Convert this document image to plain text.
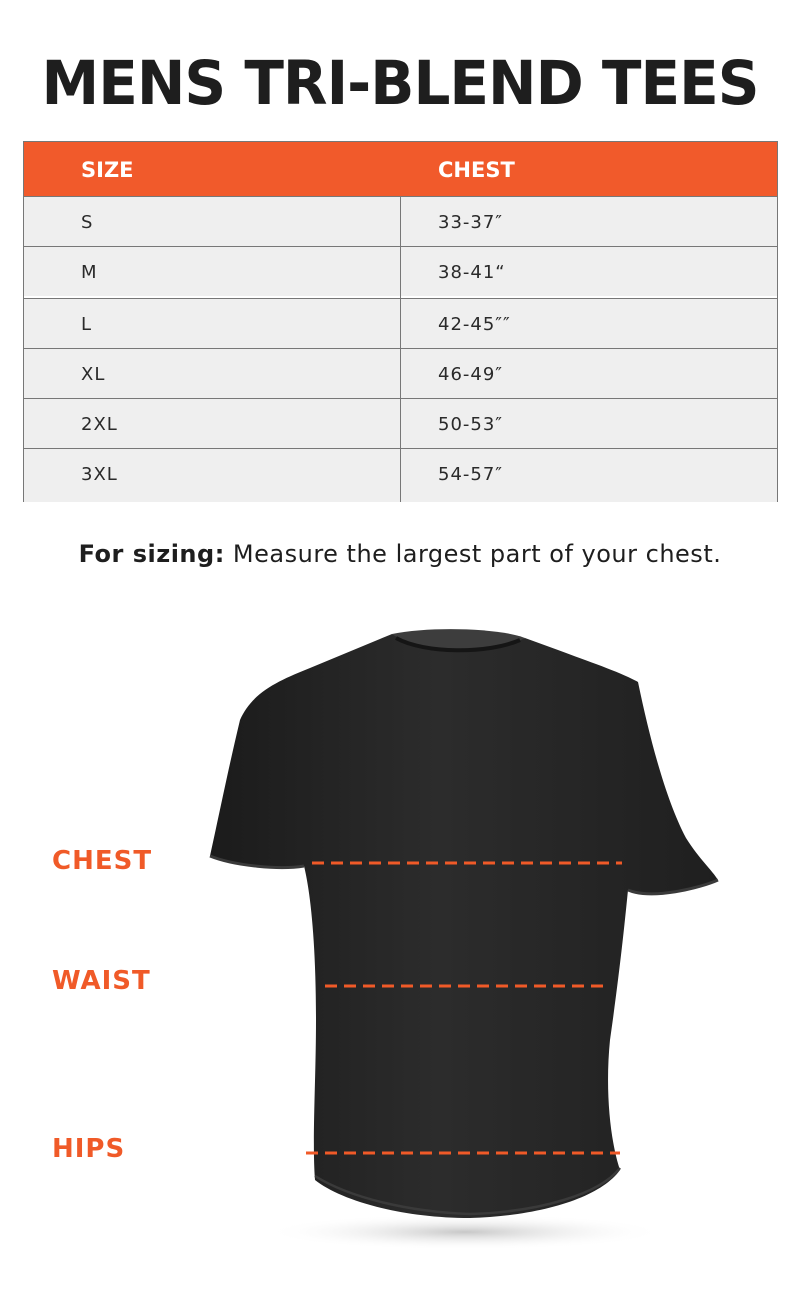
MENS TRI-BLEND TEES
SIZE	CHEST
S	33-37″
M	38-41“
L	42-45″″
XL	46-49″
2XL	50-53″
3XL	54-57″
For sizing: Measure the largest part of your chest.
CHEST
WAIST
HIPS
